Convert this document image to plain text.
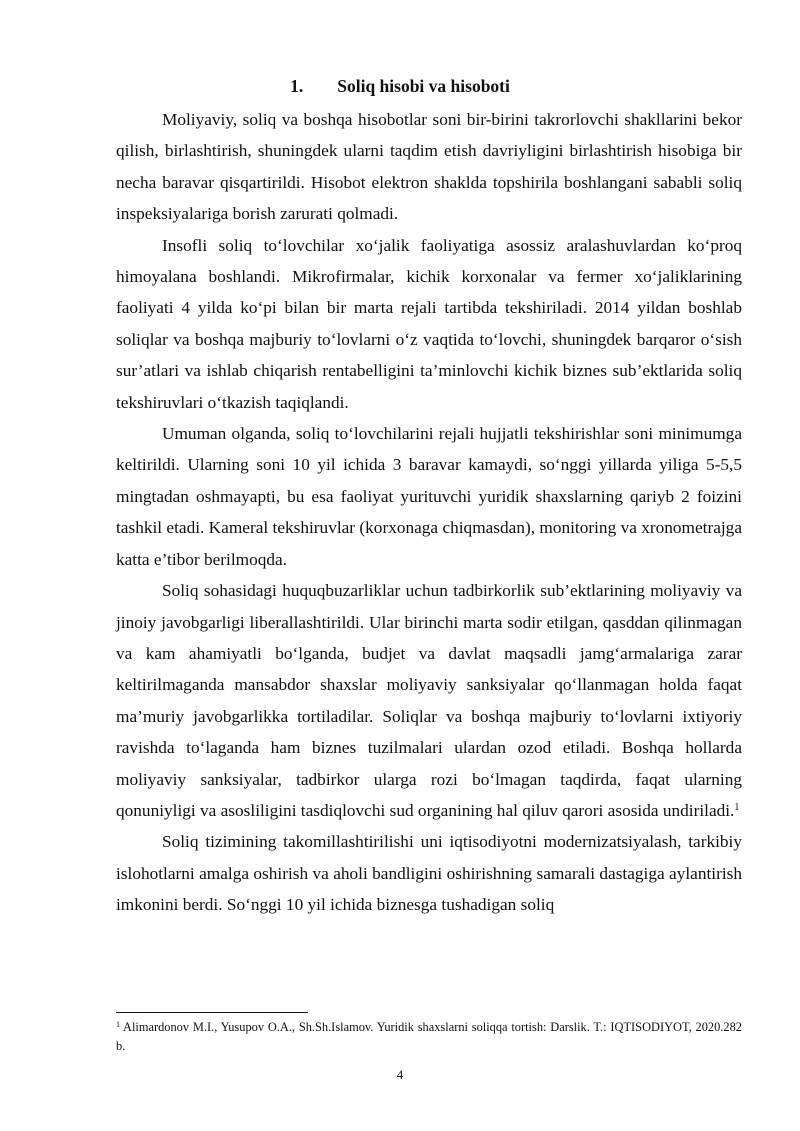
1. Soliq hisobi va hisoboti

Moliyaviy, soliq va boshqa hisobotlar soni bir-birini takrorlovchi shakllarini bekor qilish, birlashtirish, shuningdek ularni taqdim etish davriyligini birlashtirish hisobiga bir necha baravar qisqartirildi. Hisobot elektron shaklda topshirila boshlangani sababli soliq inspeksiyalariga borish zarurati qolmadi.

Insofli soliq to‘lovchilar xo‘jalik faoliyatiga asossiz aralashuvlardan ko‘proq himoyalana boshlandi. Mikrofirmalar, kichik korxonalar va fermer xo‘jaliklarining faoliyati 4 yilda ko‘pi bilan bir marta rejali tartibda tekshiriladi. 2014 yildan boshlab soliqlar va boshqa majburiy to‘lovlarni o‘z vaqtida to‘lovchi, shuningdek barqaror o‘sish sur’atlari va ishlab chiqarish rentabelligini ta’minlovchi kichik biznes sub’ektlarida soliq tekshiruvlari o‘tkazish taqiqlandi.

Umuman olganda, soliq to‘lovchilarini rejali hujjatli tekshirishlar soni minimumga keltirildi. Ularning soni 10 yil ichida 3 baravar kamaydi, so‘nggi yillarda yiliga 5-5,5 mingtadan oshmayapti, bu esa faoliyat yurituvchi yuridik shaxslarning qariyb 2 foizini tashkil etadi. Kameral tekshiruvlar (korxonaga chiqmasdan), monitoring va xronometrajga katta e’tibor berilmoqda.

Soliq sohasidagi huquqbuzarliklar uchun tadbirkorlik sub’ektlarining moliyaviy va jinoiy javobgarligi liberallashtirildi. Ular birinchi marta sodir etilgan, qasddan qilinmagan va kam ahamiyatli bo‘lganda, budjet va davlat maqsadli jamg‘armalariga zarar keltirilmaganda mansabdor shaxslar moliyaviy sanksiyalar qo‘llanmagan holda faqat ma’muriy javobgarlikka tortiladilar. Soliqlar va boshqa majburiy to‘lovlarni ixtiyoriy ravishda to‘laganda ham biznes tuzilmalari ulardan ozod etiladi. Boshqa hollarda moliyaviy sanksiyalar, tadbirkor ularga rozi bo‘lmagan taqdirda, faqat ularning qonuniyligi va asosliligini tasdiqlovchi sud organining hal qiluv qarori asosida undiriladi.$^1$

Soliq tizimining takomillashtirilishi uni iqtisodiyotni modernizatsiyalash, tarkibiy islohotlarni amalga oshirish va aholi bandligini oshirishning samarali dastagiga aylantirish imkonini berdi. So‘nggi 10 yil ichida biznesga tushadigan soliq

$^1$ Alimardonov M.I., Yusupov O.A., Sh.Sh.Islamov. Yuridik shaxslarni soliqqa tortish: Darslik. T.: IQTISODIYOT, 2020.282 b.
4
